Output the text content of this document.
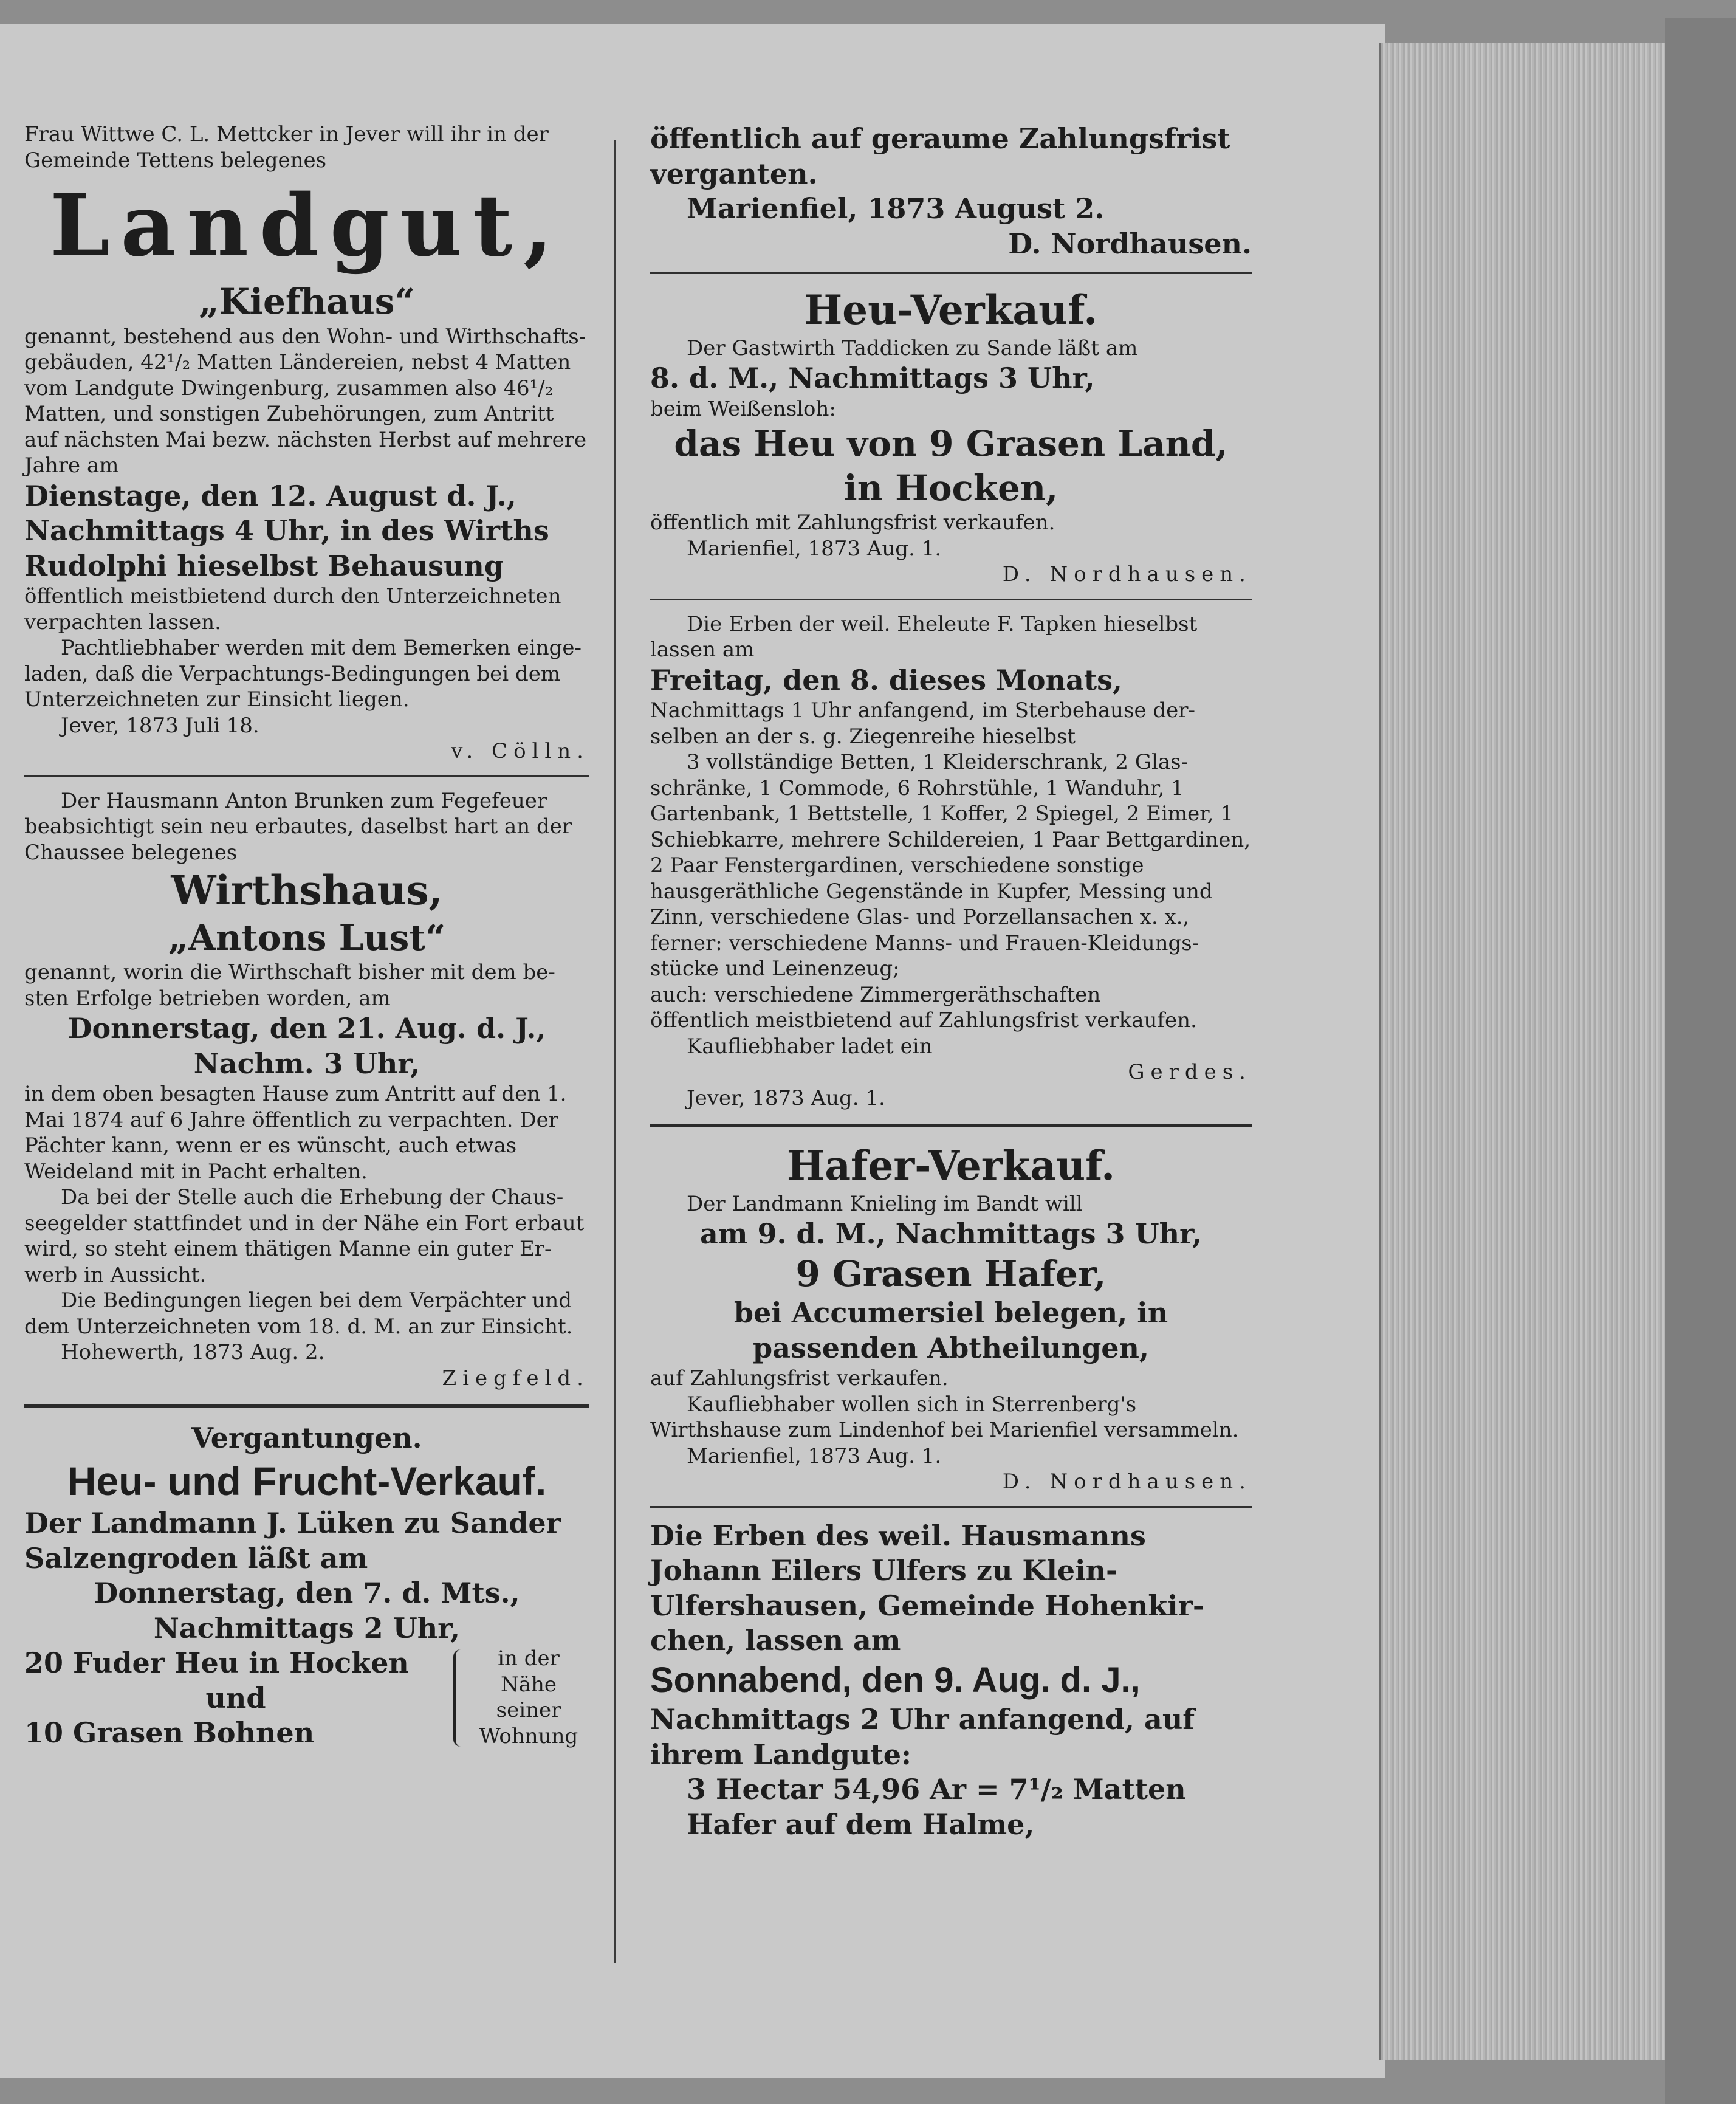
Frau Wittwe C. L. Mettcker in Jever will ihr in der Gemeinde Tettens belegenes

Landgut,

„Kiefhaus“

genannt, bestehend aus den Wohn- und Wirthschaftsgebäuden, 42¹/₂ Matten Ländereien, nebst 4 Matten vom Landgute Dwingenburg, zusammen also 46¹/₂ Matten, und sonstigen Zubehörungen, zum Antritt auf nächsten Mai bezw. nächsten Herbst auf mehrere Jahre am

Dienstage, den 12. August d. J., Nachmittags 4 Uhr, in des Wirths Rudolphi hieselbst Behausung

öffentlich meistbietend durch den Unterzeichneten verpachten lassen.

Pachtliebhaber werden mit dem Bemerken eingeladen, daß die Verpachtungs-Bedingungen bei dem Unterzeichneten zur Einsicht liegen.

Jever, 1873 Juli 18.

v. Cölln.

Der Hausmann Anton Brunken zum Fegefeuer beabsichtigt sein neu erbautes, daselbst hart an der Chaussee belegenes

Wirthshaus,

„Antons Lust“

genannt, worin die Wirthschaft bisher mit dem besten Erfolge betrieben worden, am

Donnerstag, den 21. Aug. d. J.,

Nachm. 3 Uhr,

in dem oben besagten Hause zum Antritt auf den 1. Mai 1874 auf 6 Jahre öffentlich zu verpachten. Der Pächter kann, wenn er es wünscht, auch etwas Weideland mit in Pacht erhalten.

Da bei der Stelle auch die Erhebung der Chausseegelder stattfindet und in der Nähe ein Fort erbaut wird, so steht einem thätigen Manne ein guter Erwerb in Aussicht.

Die Bedingungen liegen bei dem Verpächter und dem Unterzeichneten vom 18. d. M. an zur Einsicht.

Hohewerth, 1873 Aug. 2.

Ziegfeld.

Vergantungen.

Heu- und Frucht-Verkauf.

Der Landmann J. Lüken zu Sander Salzengroden läßt am

Donnerstag, den 7. d. Mts.,

Nachmittags 2 Uhr,

20 Fuder Heu in Hocken

und

10 Grasen Bohnen

in der Nähe seiner Wohnung

öffentlich auf geraume Zahlungsfrist verganten.

Marienfiel, 1873 August 2.

D. Nordhausen.

Heu-Verkauf.

Der Gastwirth Taddicken zu Sande läßt am

8. d. M., Nachmittags 3 Uhr,

beim Weißensloh:

das Heu von 9 Grasen Land, in Hocken,

öffentlich mit Zahlungsfrist verkaufen.

Marienfiel, 1873 Aug. 1.

D. Nordhausen.

Die Erben der weil. Eheleute F. Tapken hieselbst lassen am

Freitag, den 8. dieses Monats,

Nachmittags 1 Uhr anfangend, im Sterbehause derselben an der s. g. Ziegenreihe hieselbst

3 vollständige Betten, 1 Kleiderschrank, 2 Glasschränke, 1 Commode, 6 Rohrstühle, 1 Wanduhr, 1 Gartenbank, 1 Bettstelle, 1 Koffer, 2 Spiegel, 2 Eimer, 1 Schiebkarre, mehrere Schildereien, 1 Paar Bettgardinen, 2 Paar Fenstergardinen, verschiedene sonstige hausgeräthliche Gegenstände in Kupfer, Messing und Zinn, verschiedene Glas- und Porzellansachen x. x.,

ferner: verschiedene Manns- und Frauen-Kleidungsstücke und Leinenzeug;

auch: verschiedene Zimmergeräthschaften

öffentlich meistbietend auf Zahlungsfrist verkaufen.

Kaufliebhaber ladet ein

Gerdes.

Jever, 1873 Aug. 1.

Hafer-Verkauf.

Der Landmann Knieling im Bandt will

am 9. d. M., Nachmittags 3 Uhr,

9 Grasen Hafer,

bei Accumersiel belegen, in passenden Abtheilungen,

auf Zahlungsfrist verkaufen.

Kaufliebhaber wollen sich in Sterrenberg's Wirthshause zum Lindenhof bei Marienfiel versammeln.

Marienfiel, 1873 Aug. 1.

D. Nordhausen.

Die Erben des weil. Hausmanns Johann Eilers Ulfers zu Klein-Ulfershausen, Gemeinde Hohenkirchen, lassen am

Sonnabend, den 9. Aug. d. J.,

Nachmittags 2 Uhr anfangend, auf ihrem Landgute:

3 Hectar 54,96 Ar = 7¹/₂ Matten

Hafer auf dem Halme,
